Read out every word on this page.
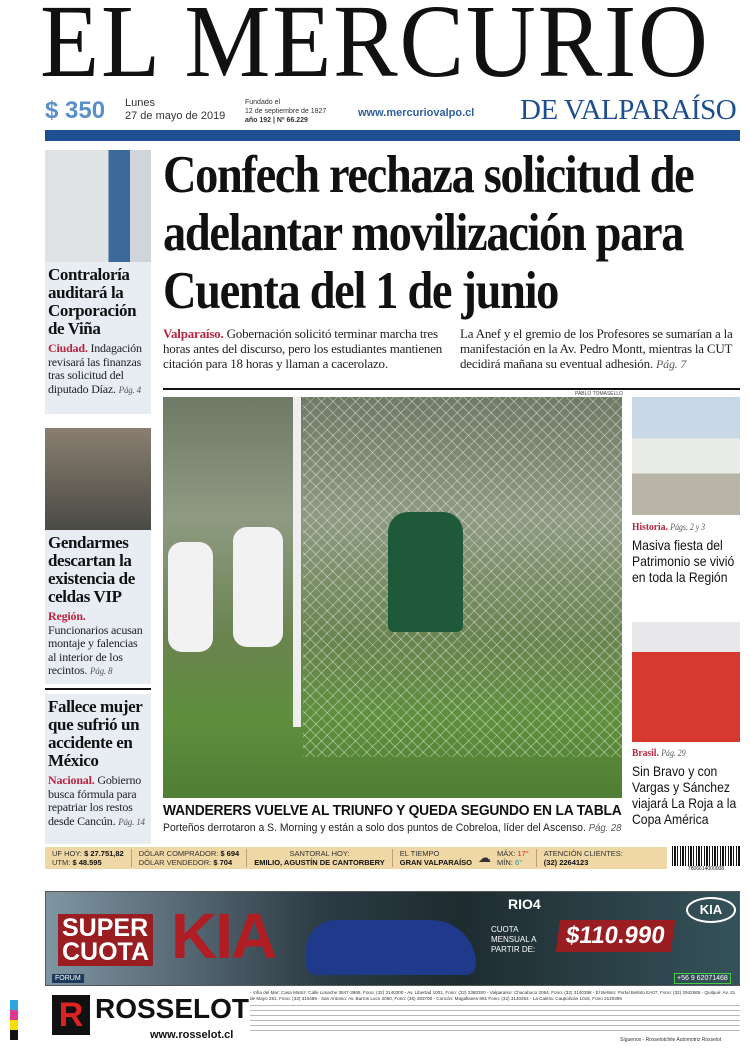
EL MERCURIO
$ 350 Lunes
27 de mayo de 2019
Fundado el
12 de septiembre de 1827
año 192 | Nº 66.229
www.mercuriovalpo.cl DE VALPARAÍSO
Contraloría auditará la Corporación de Viña
Ciudad. Indagación revisará las finanzas tras solicitud del diputado Díaz. Pág. 4
Gendarmes descartan la existencia de celdas VIP
Región. Funcionarios acusan montaje y falencias al interior de los recintos. Pág. 8
Fallece mujer que sufrió un accidente en México
Nacional. Gobierno busca fórmula para repatriar los restos desde Cancún. Pág. 14
Confech rechaza solicitud de adelantar movilización para Cuenta del 1 de junio
Valparaíso. Gobernación solicitó terminar marcha tres horas antes del discurso, pero los estudiantes mantienen citación para 18 horas y llaman a cacerolazo.
La Anef y el gremio de los Profesores se sumarían a la manifestación en la Av. Pedro Montt, mientras la CUT decidirá mañana su eventual adhesión. Pág. 7
PABLO TOMASELLO
WANDERERS VUELVE AL TRIUNFO Y QUEDA SEGUNDO EN LA TABLA
Porteños derrotaron a S. Morning y están a solo dos puntos de Cobreloa, líder del Ascenso. Pág. 28
Historia. Págs. 2 y 3
Masiva fiesta del Patrimonio se vivió en toda la Región
Brasil. Pág. 29
Sin Bravo y con Vargas y Sánchez viajará La Roja a la Copa América
UF HOY: $ 27.751,82
UTM: $ 48.595
DÓLAR COMPRADOR: $ 694
DÓLAR VENDEDOR: $ 704
SANTORAL HOY:
EMILIO, AGUSTÍN DE CANTORBERY
EL TIEMPO
GRAN VALPARAÍSO ☁ MÁX: 17°
MÍN: 6°
ATENCIÓN CLIENTES:
(32) 2264123
7806614000008
SUPER
CUOTA KIA	RIO4
CUOTA MENSUAL A PARTIR DE:
$110.990
KIA
FORUM	+56 9 62071468
R ROSSELOT
www.rosselot.cl
- Viña del Mar: Casa Matriz: Calle Limache 3847-3865, Fono: (32) 3140300 - Av. Libertad 1001, Fono: (32) 2380300 - Valparaíso: Chacabuco 2064, Fono: (32) 3140398 - El Belloto: Portal Belloto EA07, Fono: (32) 2942665 - Quilpué: Av. 21 de Mayo 281, Fono: (33) 310488 - San Antonio: Av. Barros Luco 2050, Fono: (35) 283700 - Concón: Magallanes 891 Fono: (32) 3140364 - La Calera: Caupolicán 1015, Fono 3140396
Síguenos - Rosselotchile Automotriz Rosselot
